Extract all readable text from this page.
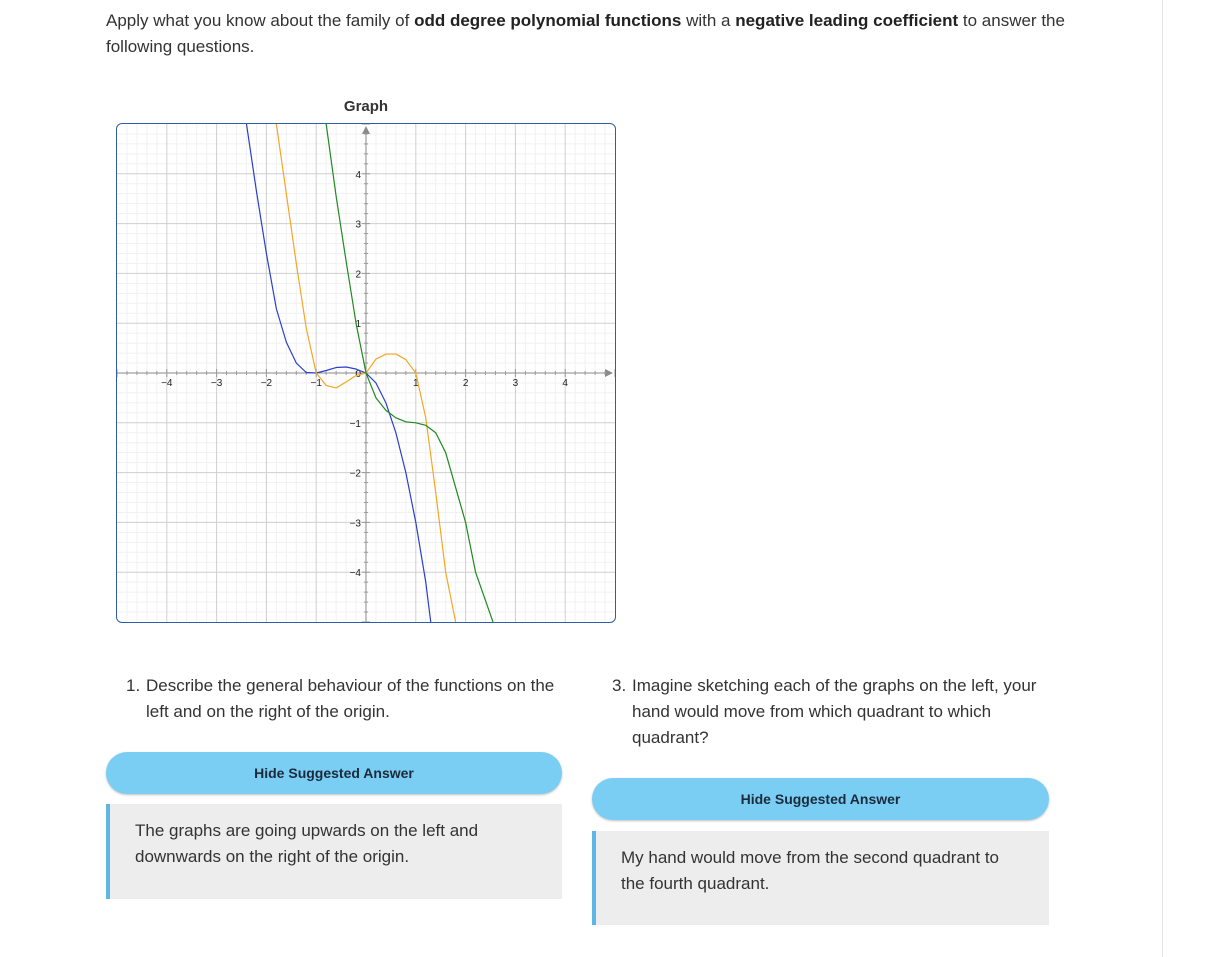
Apply what you know about the family of odd degree polynomial functions with a negative leading coefficient to answer the following questions.
Graph
−4	−3	−2	−1	1	2	3	4
4
3
2
1
−1
−2
−3
−4
0
1. Describe the general behaviour of the functions on the left and on the right of the origin.
3. Imagine sketching each of the graphs on the left, your hand would move from which quadrant to which quadrant?
Hide Suggested Answer
Hide Suggested Answer
The graphs are going upwards on the left and downwards on the right of the origin.	My hand would move from the second quadrant to the fourth quadrant.
